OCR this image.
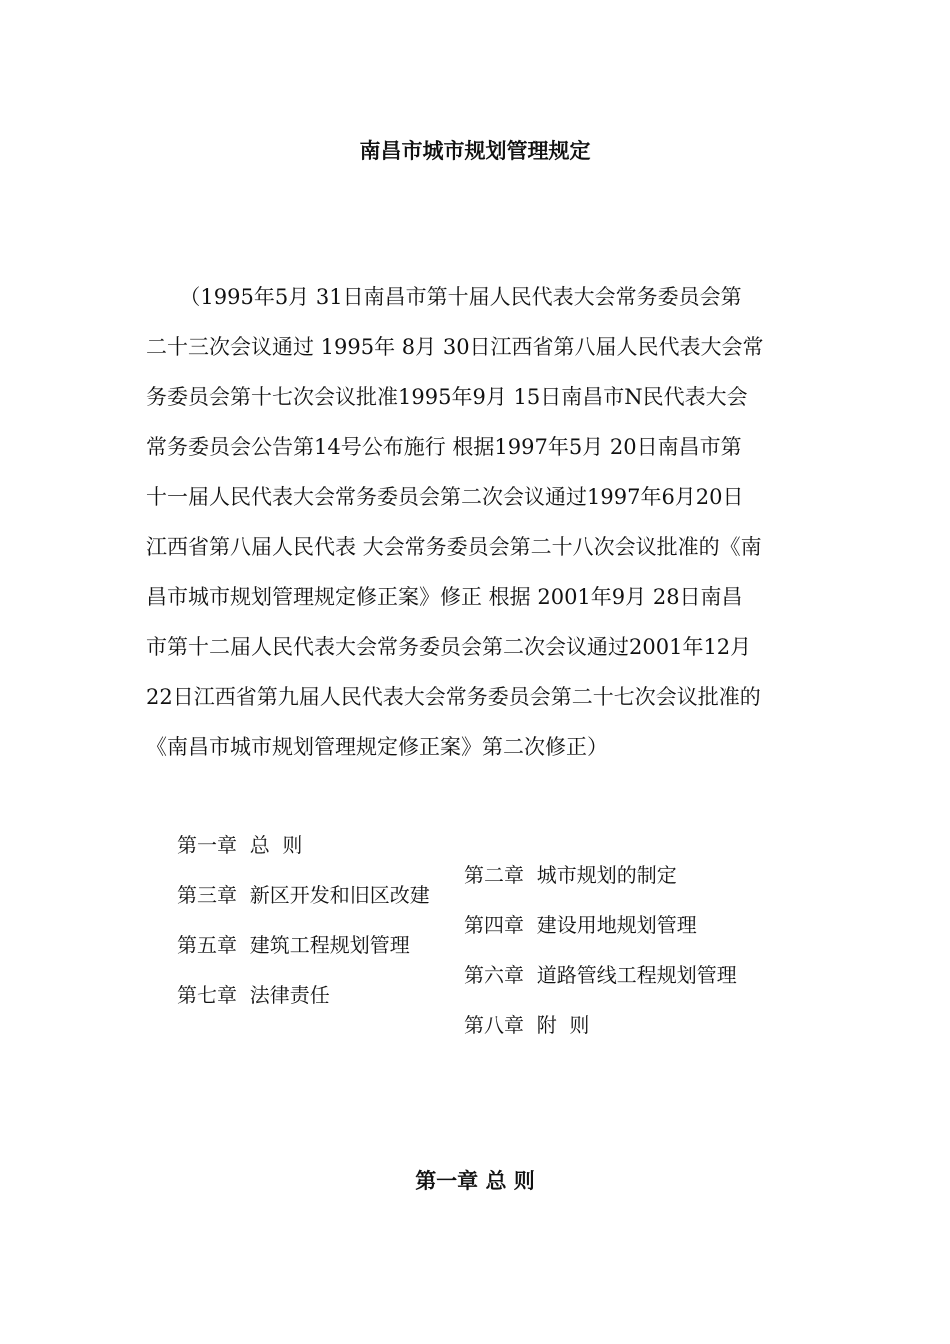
南昌市城市规划管理规定
（1995年5月 31日南昌市第十届人民代表大会常务委员会第
二十三次会议通过 1995年 8月 30日江西省第八届人民代表大会常
务委员会第十七次会议批准1995年9月 15日南昌市N民代表大会
常务委员会公告第14号公布施行 根据1997年5月 20日南昌市第
十一届人民代表大会常务委员会第二次会议通过1997年6月20日
江西省第八届人民代表 大会常务委员会第二十八次会议批准的《南
昌市城市规划管理规定修正案》修正 根据 2001年9月 28日南昌
市第十二届人民代表大会常务委员会第二次会议通过2001年12月
22日江西省第九届人民代表大会常务委员会第二十七次会议批准的
《南昌市城市规划管理规定修正案》第二次修正）

第一章  总  则

第二章  城市规划的制定

第三章  新区开发和旧区改建

第四章  建设用地规划管理

第五章  建筑工程规划管理

第六章  道路管线工程规划管理

第七章  法律责任

第八章  附  则

第一章 总 则
